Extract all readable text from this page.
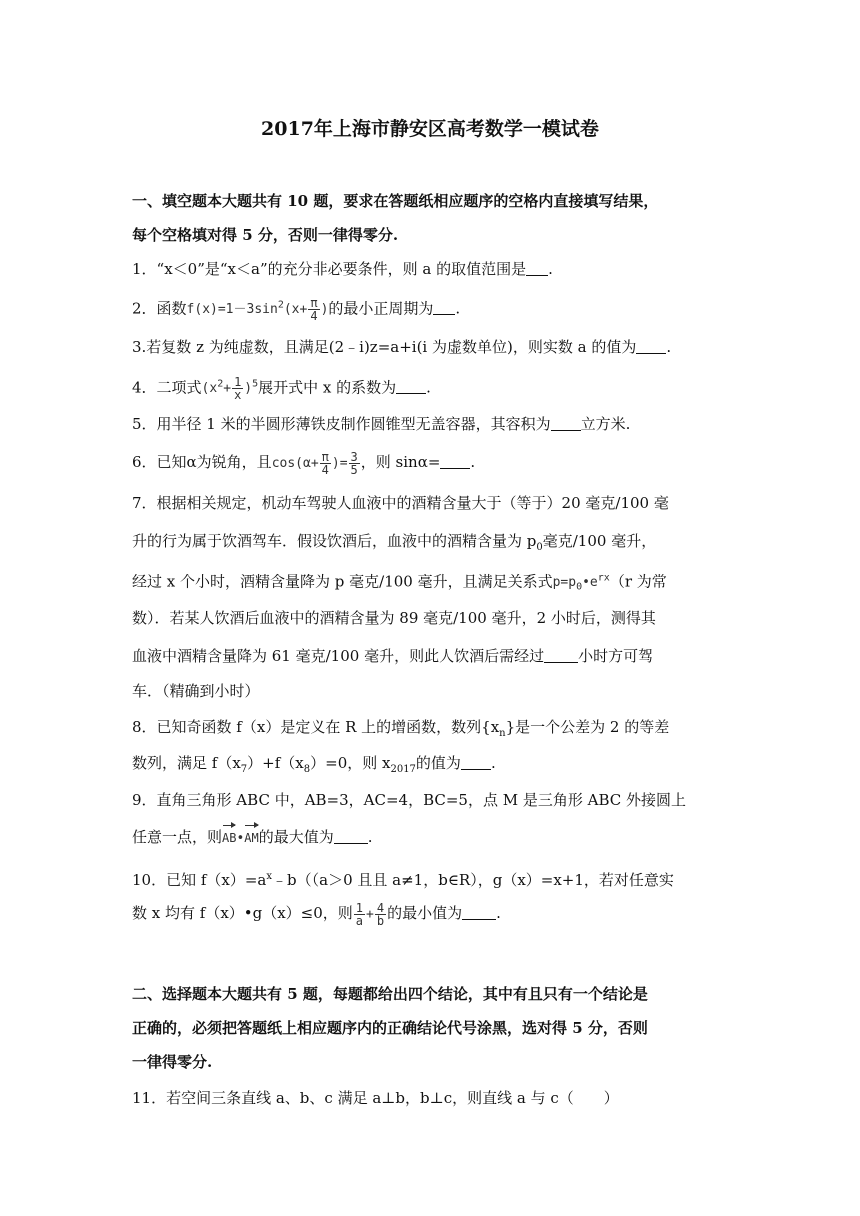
2017年上海市静安区高考数学一模试卷
一、填空题本大题共有 10 题，要求在答题纸相应题序的空格内直接填写结果，
每个空格填对得 5 分，否则一律得零分.
1．“x＜0”是“x＜a”的充分非必要条件，则 a 的取值范围是 .
2．函数$f(x)=1-3\sin^2(x+ \frac{\pi}{4}$ )的最小正周期为 .
3.若复数 z 为纯虚数，且满足(2﹣i)z=a+i(i 为虚数单位)，则实数 a 的值为 .
4．二项式$(x^2+ \frac{1}{x} )^5$展开式中 x 的系数为 .
5．用半径 1 米的半圆形薄铁皮制作圆锥型无盖容器，其容积为 立方米.
6．已知α为锐角，且$\cos(\alpha+ \frac{\pi}{4}$ )= $\frac{3}{5}$ ，则 sinα= .
7．根据相关规定，机动车驾驶人血液中的酒精含量大于（等于）20 毫克/100 毫
升的行为属于饮酒驾车．假设饮酒后，血液中的酒精含量为 $p_0$毫克/100 毫升，
经过 x 个小时，酒精含量降为 p 毫克/100 毫升，且满足关系式$p=p_0•e^{rx}(r$ 为常
数）．若某人饮酒后血液中的酒精含量为 89 毫克/100 毫升，2 小时后，测得其
血液中酒精含量降为 61 毫克/100 毫升，则此人饮酒后需经过 小时方可驾
车．（精确到小时）
8．已知奇函数 f（x）是定义在 R 上的增函数，数列$\{x_n\}$是一个公差为 2 的等差
数列，满足 $f(x_7)+f(x_8)=0$，则 $x_{2017}$的值为 .
9．直角三角形 ABC 中，AB=3，AC=4，BC=5，点 M 是三角形 ABC 外接圆上
任意一点，则AB•AM的最大值为 .
10．已知 $f(x)=a^x﹣b((a>0$ 且且 a≠1，b∈R），g（x）=x+1，若对任意实
数 x 均有 f（x）•g（x）≤0，则 $\frac{1}{a} + \frac{4}{b}$ 的最小值为 .
二、选择题本大题共有 5 题，每题都给出四个结论，其中有且只有一个结论是
正确的，必须把答题纸上相应题序内的正确结论代号涂黑，选对得 5 分，否则
一律得零分.
11．若空间三条直线 a、b、c 满足 a⊥b，b⊥c，则直线 a 与 c（　　）
